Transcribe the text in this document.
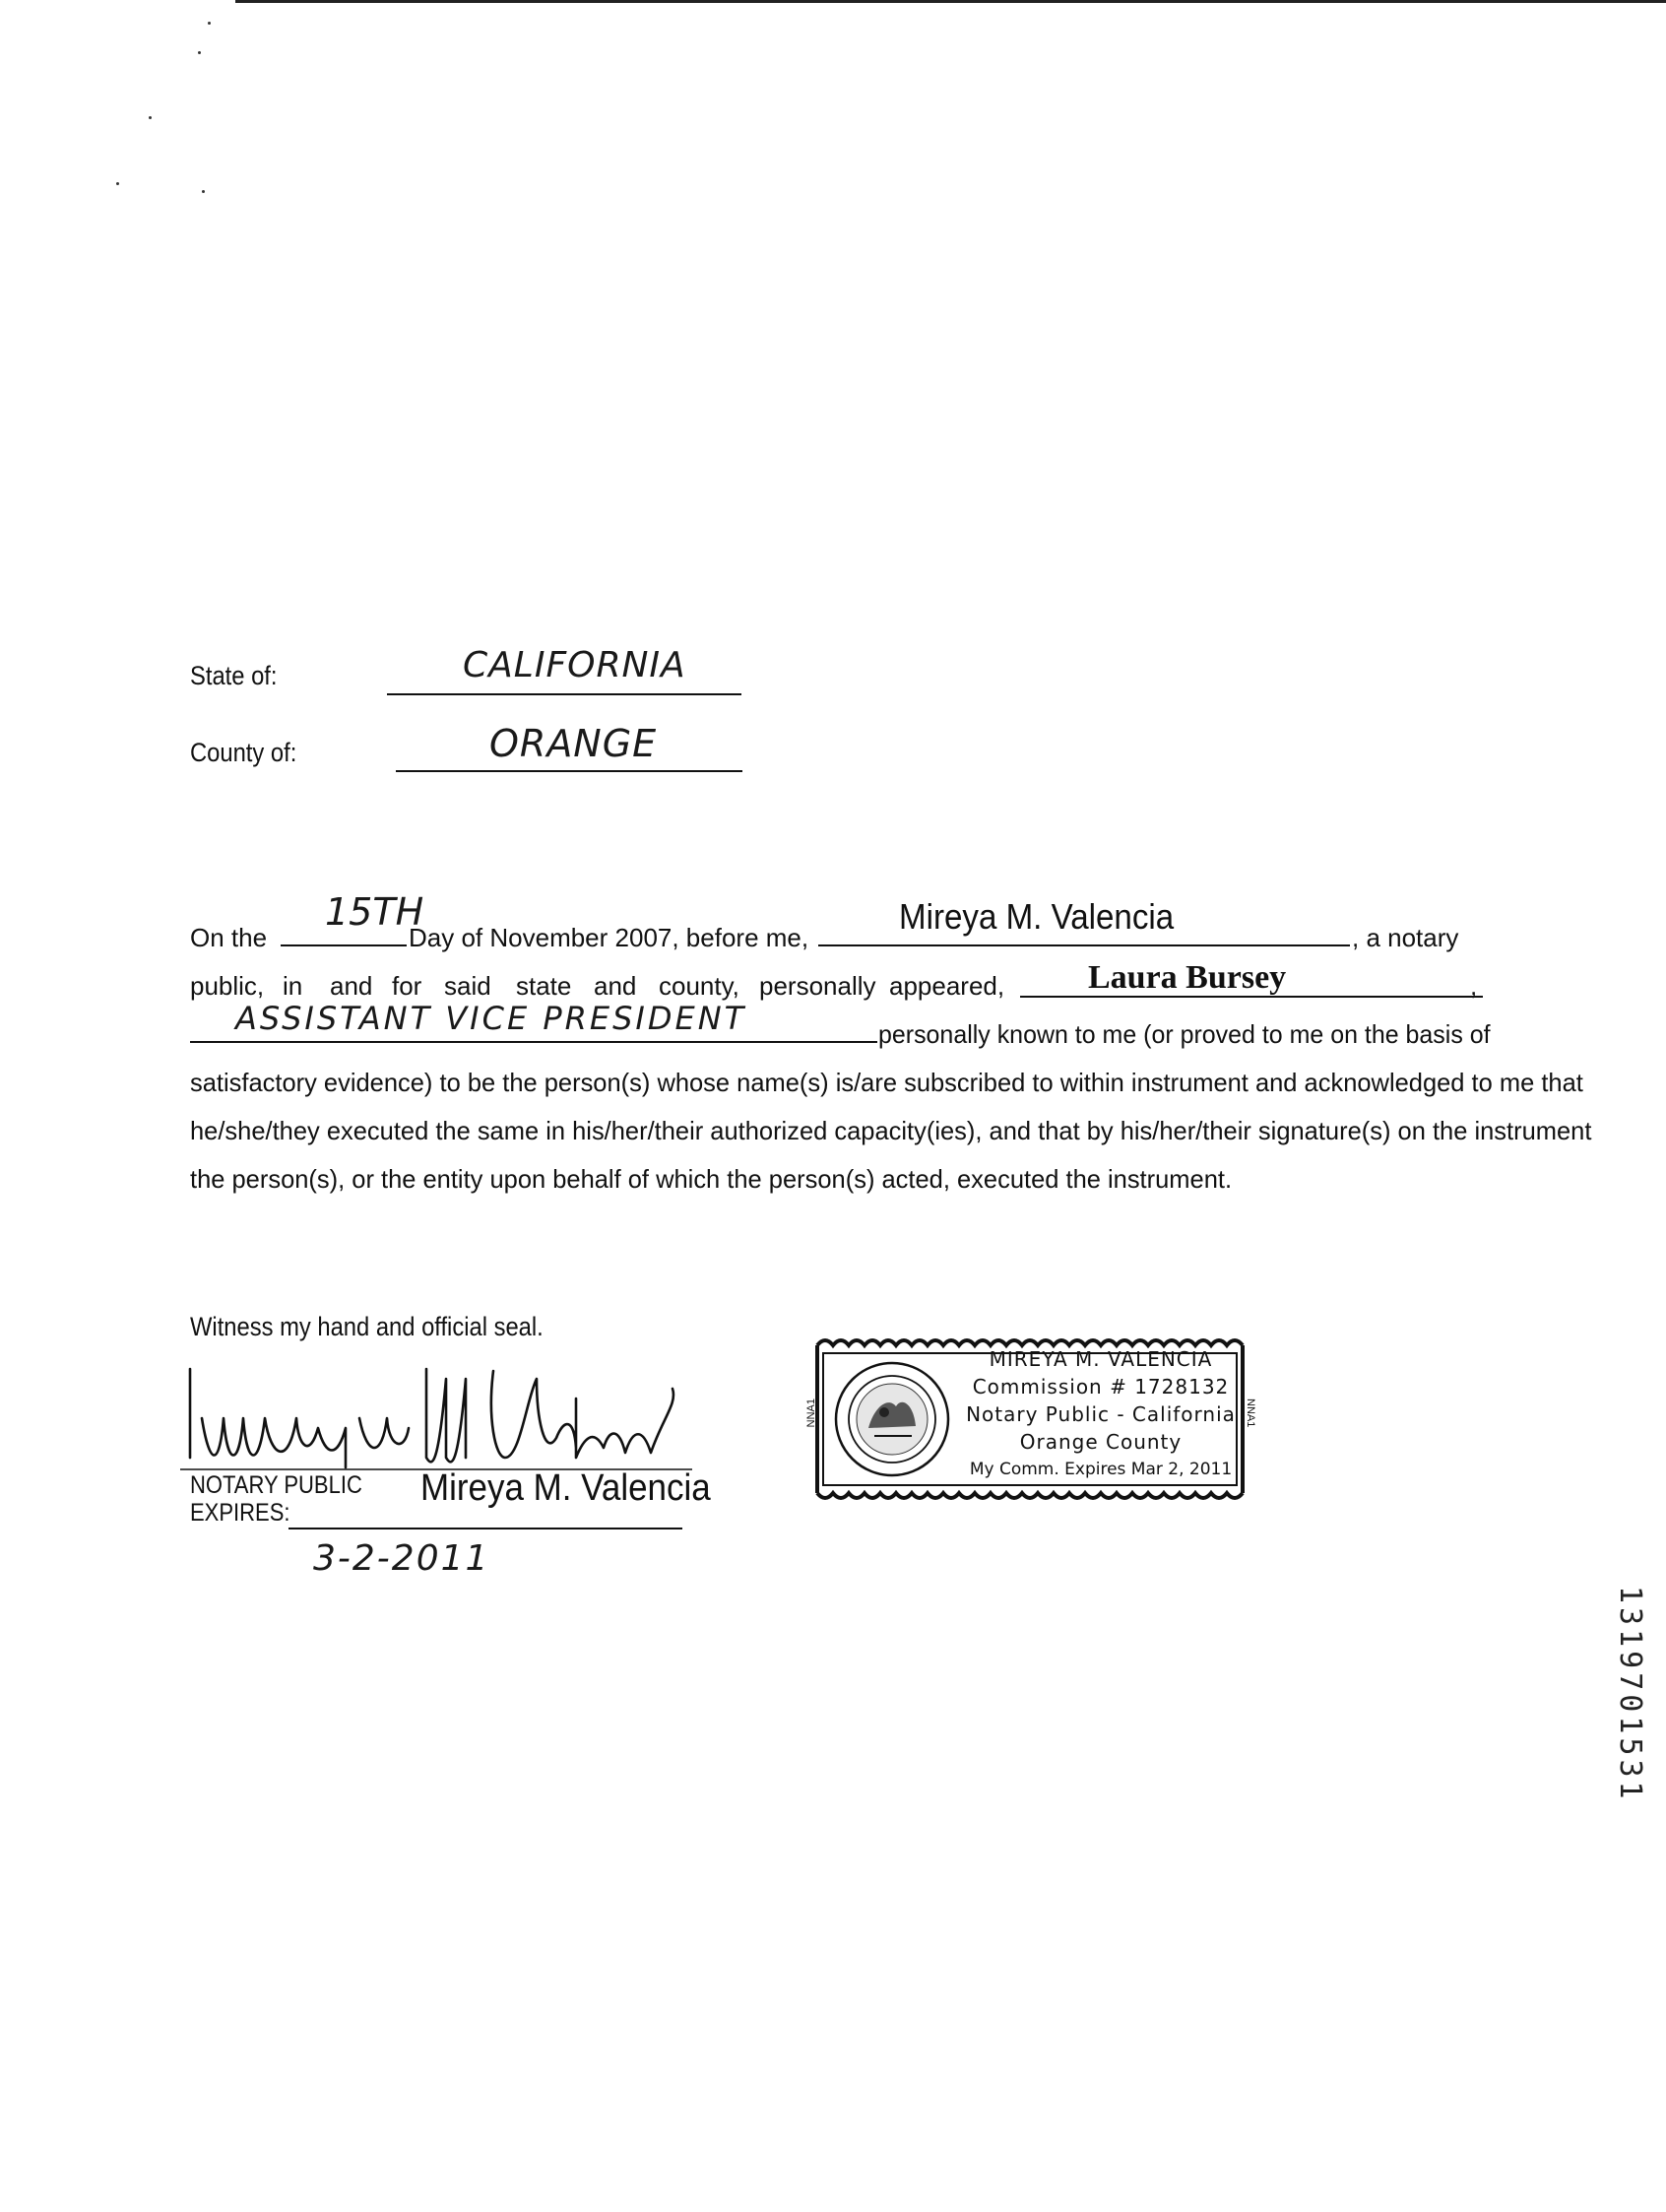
State of:	CALIFORNIA
County of:	ORANGE
On the
15TH
Day of November 2007, before me,
Mireya M. Valencia
, a notary
public, in and for said state and county, personally appeared, Laura Bursey	,
ASSISTANT VICE PRESIDENT	personally known to me (or proved to me on the basis of
satisfactory evidence) to be the person(s) whose name(s) is/are subscribed to within instrument and acknowledged to me that
he/she/they executed the same in his/her/their authorized capacity(ies), and that by his/her/their signature(s) on the instrument
the person(s), or the entity upon behalf of which the person(s) acted, executed the instrument.
Witness my hand and official seal.
NOTARY PUBLIC Mireya M. Valencia
EXPIRES:
3-2-2011
MIREYA M. VALENCIA
Commission # 1728132
Notary Public - California
Orange County
My Comm. Expires Mar 2, 2011
NNA1	NNA1
1319701531
